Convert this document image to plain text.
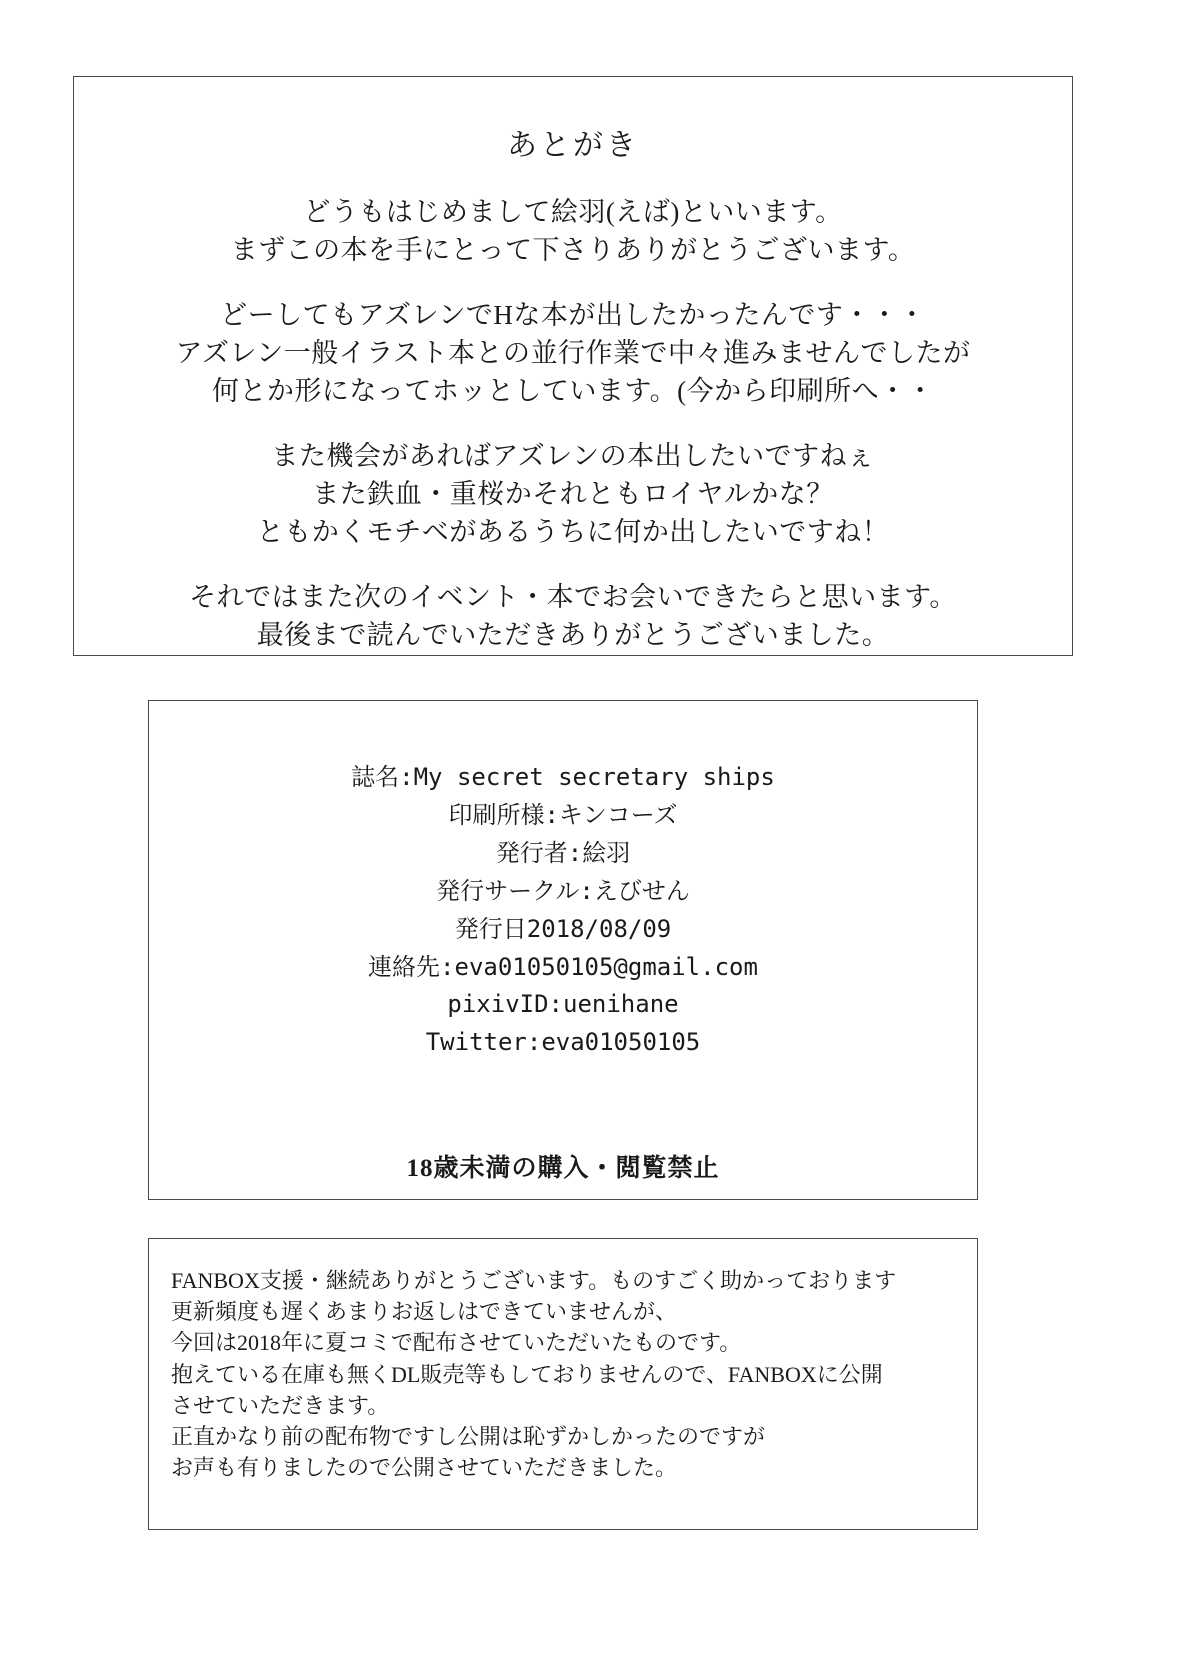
あとがき
どうもはじめまして絵羽(えば)といいます。
まずこの本を手にとって下さりありがとうございます。
どーしてもアズレンでHな本が出したかったんです・・・
アズレン一般イラスト本との並行作業で中々進みませんでしたが
何とか形になってホッとしています。(今から印刷所へ・・
また機会があればアズレンの本出したいですねぇ
また鉄血・重桜かそれともロイヤルかな？
ともかくモチベがあるうちに何か出したいですね！
それではまた次のイベント・本でお会いできたらと思います。
最後まで読んでいただきありがとうございました。
誌名:My secret secretary ships
印刷所様:キンコーズ
発行者:絵羽
発行サークル:えびせん
発行日2018/08/09
連絡先:eva01050105@gmail.com
pixivID:uenihane
Twitter:eva01050105
18歳未満の購入・閲覧禁止
FANBOX支援・継続ありがとうございます。ものすごく助かっております
更新頻度も遅くあまりお返しはできていませんが、
今回は2018年に夏コミで配布させていただいたものです。
抱えている在庫も無くDL販売等もしておりませんので、FANBOXに公開
させていただきます。
正直かなり前の配布物ですし公開は恥ずかしかったのですが
お声も有りましたので公開させていただきました。
